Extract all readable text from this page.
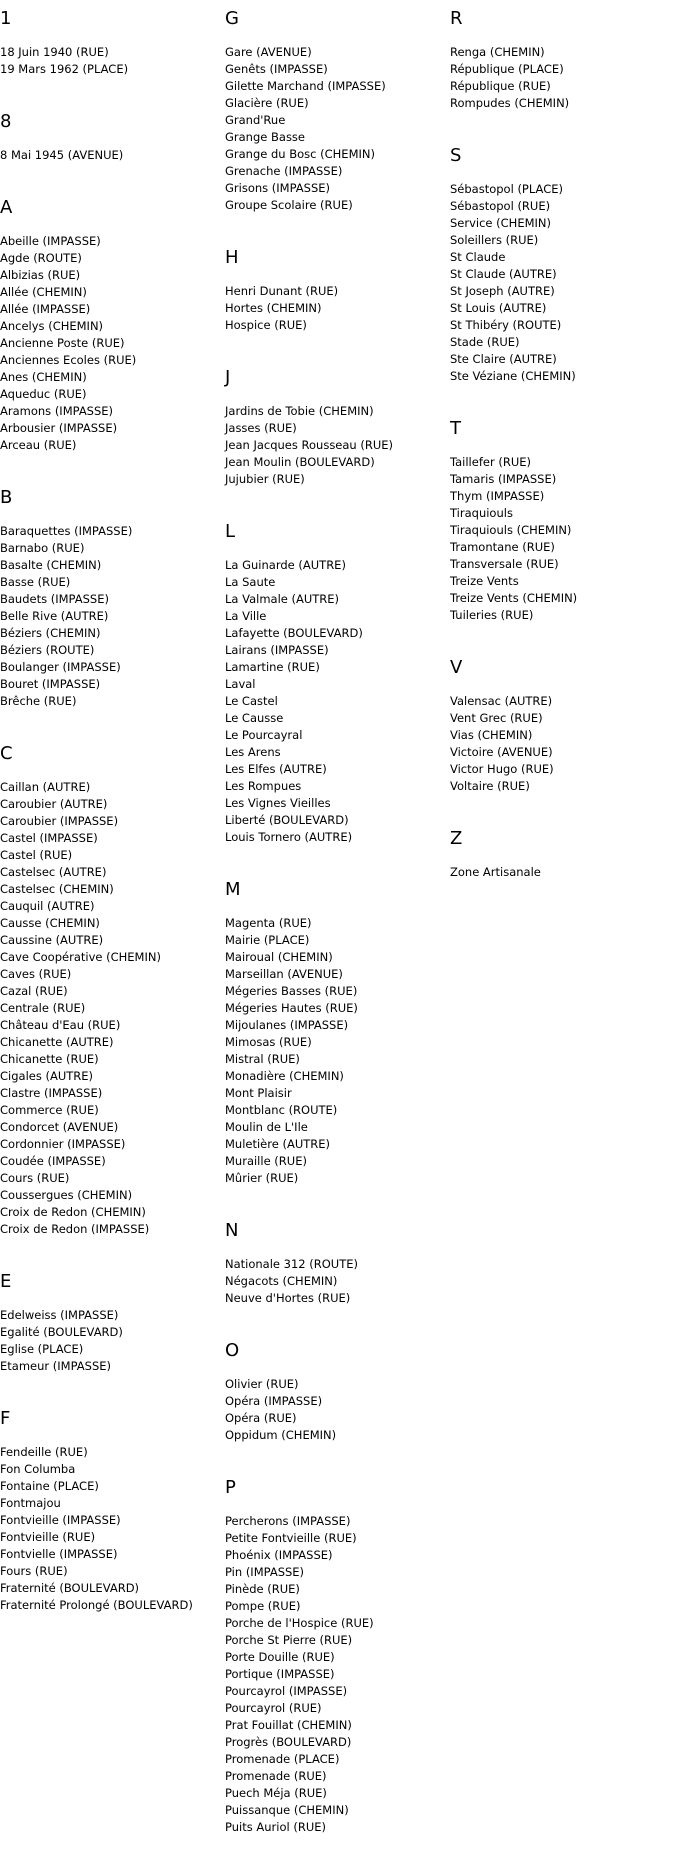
1
18 Juin 1940 (RUE)
19 Mars 1962 (PLACE)
8
8 Mai 1945 (AVENUE)
A
Abeille (IMPASSE)
Agde (ROUTE)
Albizias (RUE)
Allée (CHEMIN)
Allée (IMPASSE)
Ancelys (CHEMIN)
Ancienne Poste (RUE)
Anciennes Ecoles (RUE)
Anes (CHEMIN)
Aqueduc (RUE)
Aramons (IMPASSE)
Arbousier (IMPASSE)
Arceau (RUE)
B
Baraquettes (IMPASSE)
Barnabo (RUE)
Basalte (CHEMIN)
Basse (RUE)
Baudets (IMPASSE)
Belle Rive (AUTRE)
Béziers (CHEMIN)
Béziers (ROUTE)
Boulanger (IMPASSE)
Bouret (IMPASSE)
Brêche (RUE)
C
Caillan (AUTRE)
Caroubier (AUTRE)
Caroubier (IMPASSE)
Castel (IMPASSE)
Castel (RUE)
Castelsec (AUTRE)
Castelsec (CHEMIN)
Cauquil (AUTRE)
Causse (CHEMIN)
Caussine (AUTRE)
Cave Coopérative (CHEMIN)
Caves (RUE)
Cazal (RUE)
Centrale (RUE)
Château d'Eau (RUE)
Chicanette (AUTRE)
Chicanette (RUE)
Cigales (AUTRE)
Clastre (IMPASSE)
Commerce (RUE)
Condorcet (AVENUE)
Cordonnier (IMPASSE)
Coudée (IMPASSE)
Cours (RUE)
Coussergues (CHEMIN)
Croix de Redon (CHEMIN)
Croix de Redon (IMPASSE)
E
Edelweiss (IMPASSE)
Egalité (BOULEVARD)
Eglise (PLACE)
Etameur (IMPASSE)
F
Fendeille (RUE)
Fon Columba
Fontaine (PLACE)
Fontmajou
Fontvieille (IMPASSE)
Fontvieille (RUE)
Fontvielle (IMPASSE)
Fours (RUE)
Fraternité (BOULEVARD)
Fraternité Prolongé (BOULEVARD)
G
Gare (AVENUE)
Genêts (IMPASSE)
Gilette Marchand (IMPASSE)
Glacière (RUE)
Grand'Rue
Grange Basse
Grange du Bosc (CHEMIN)
Grenache (IMPASSE)
Grisons (IMPASSE)
Groupe Scolaire (RUE)
H
Henri Dunant (RUE)
Hortes (CHEMIN)
Hospice (RUE)
J
Jardins de Tobie (CHEMIN)
Jasses (RUE)
Jean Jacques Rousseau (RUE)
Jean Moulin (BOULEVARD)
Jujubier (RUE)
L
La Guinarde (AUTRE)
La Saute
La Valmale (AUTRE)
La Ville
Lafayette (BOULEVARD)
Lairans (IMPASSE)
Lamartine (RUE)
Laval
Le Castel
Le Causse
Le Pourcayral
Les Arens
Les Elfes (AUTRE)
Les Rompues
Les Vignes Vieilles
Liberté (BOULEVARD)
Louis Tornero (AUTRE)
M
Magenta (RUE)
Mairie (PLACE)
Mairoual (CHEMIN)
Marseillan (AVENUE)
Mégeries Basses (RUE)
Mégeries Hautes (RUE)
Mijoulanes (IMPASSE)
Mimosas (RUE)
Mistral (RUE)
Monadière (CHEMIN)
Mont Plaisir
Montblanc (ROUTE)
Moulin de L'Ile
Muletière (AUTRE)
Muraille (RUE)
Mûrier (RUE)
N
Nationale 312 (ROUTE)
Négacots (CHEMIN)
Neuve d'Hortes (RUE)
O
Olivier (RUE)
Opéra (IMPASSE)
Opéra (RUE)
Oppidum (CHEMIN)
P
Percherons (IMPASSE)
Petite Fontvieille (RUE)
Phoénix (IMPASSE)
Pin (IMPASSE)
Pinède (RUE)
Pompe (RUE)
Porche de l'Hospice (RUE)
Porche St Pierre (RUE)
Porte Douille (RUE)
Portique (IMPASSE)
Pourcayrol (IMPASSE)
Pourcayrol (RUE)
Prat Fouillat (CHEMIN)
Progrès (BOULEVARD)
Promenade (PLACE)
Promenade (RUE)
Puech Méja (RUE)
Puissanque (CHEMIN)
Puits Auriol (RUE)
R
Renga (CHEMIN)
République (PLACE)
République (RUE)
Rompudes (CHEMIN)
S
Sébastopol (PLACE)
Sébastopol (RUE)
Service (CHEMIN)
Soleillers (RUE)
St Claude
St Claude (AUTRE)
St Joseph (AUTRE)
St Louis (AUTRE)
St Thibéry (ROUTE)
Stade (RUE)
Ste Claire (AUTRE)
Ste Véziane (CHEMIN)
T
Taillefer (RUE)
Tamaris (IMPASSE)
Thym (IMPASSE)
Tiraquiouls
Tiraquiouls (CHEMIN)
Tramontane (RUE)
Transversale (RUE)
Treize Vents
Treize Vents (CHEMIN)
Tuileries (RUE)
V
Valensac (AUTRE)
Vent Grec (RUE)
Vias (CHEMIN)
Victoire (AVENUE)
Victor Hugo (RUE)
Voltaire (RUE)
Z
Zone Artisanale
